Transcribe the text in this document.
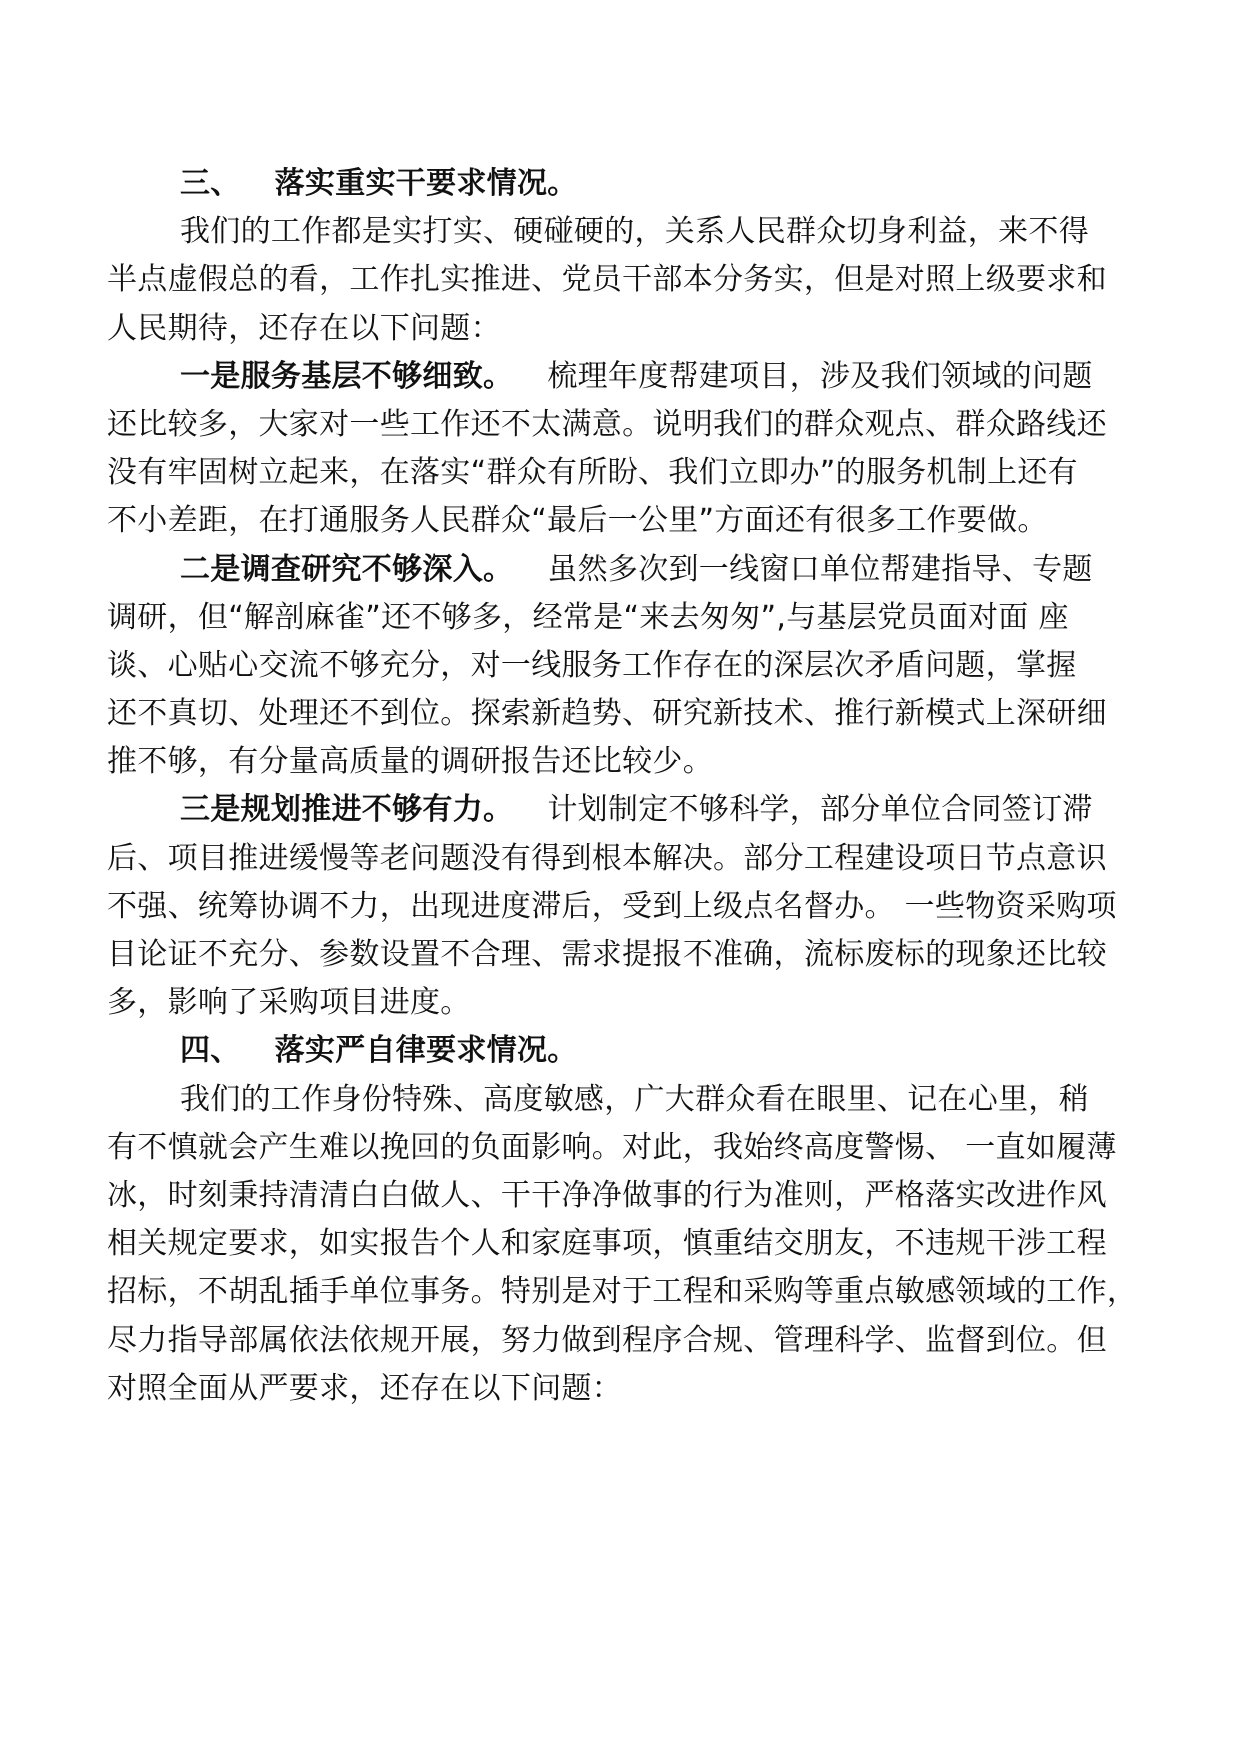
三、 落实重实干要求情况。
我们的工作都是实打实、硬碰硬的，关系人民群众切身利益，来不得
半点虚假总的看，工作扎实推进、党员干部本分务实，但是对照上级要求和
人民期待，还存在以下问题：
一是服务基层不够细致。 梳理年度帮建项目，涉及我们领域的问题
还比较多，大家对一些工作还不太满意。说明我们的群众观点、群众路线还
没有牢固树立起来，在落实“群众有所盼、我们立即办”的服务机制上还有
不小差距，在打通服务人民群众“最后一公里”方面还有很多工作要做。
二是调查研究不够深入。 虽然多次到一线窗口单位帮建指导、专题
调研，但“解剖麻雀”还不够多，经常是“来去匆匆”,与基层党员面对面 座
谈、心贴心交流不够充分，对一线服务工作存在的深层次矛盾问题，掌握
还不真切、处理还不到位。探索新趋势、研究新技术、推行新模式上深研细
推不够，有分量高质量的调研报告还比较少。
三是规划推进不够有力。 计划制定不够科学，部分单位合同签订滞
后、项目推进缓慢等老问题没有得到根本解决。部分工程建设项日节点意识
不强、统筹协调不力，出现进度滞后，受到上级点名督办。 一些物资采购项
目论证不充分、参数设置不合理、需求提报不准确，流标废标的现象还比较
多，影响了采购项目进度。
四、 落实严自律要求情况。
我们的工作身份特殊、高度敏感，广大群众看在眼里、记在心里，稍
有不慎就会产生难以挽回的负面影响。对此，我始终高度警惕、 一直如履薄
冰，时刻秉持清清白白做人、干干净净做事的行为准则，严格落实改进作风
相关规定要求，如实报告个人和家庭事项，慎重结交朋友，不违规干涉工程
招标，不胡乱插手单位事务。特别是对于工程和采购等重点敏感领域的工作，
尽力指导部属依法依规开展，努力做到程序合规、管理科学、监督到位。但
对照全面从严要求，还存在以下问题：
